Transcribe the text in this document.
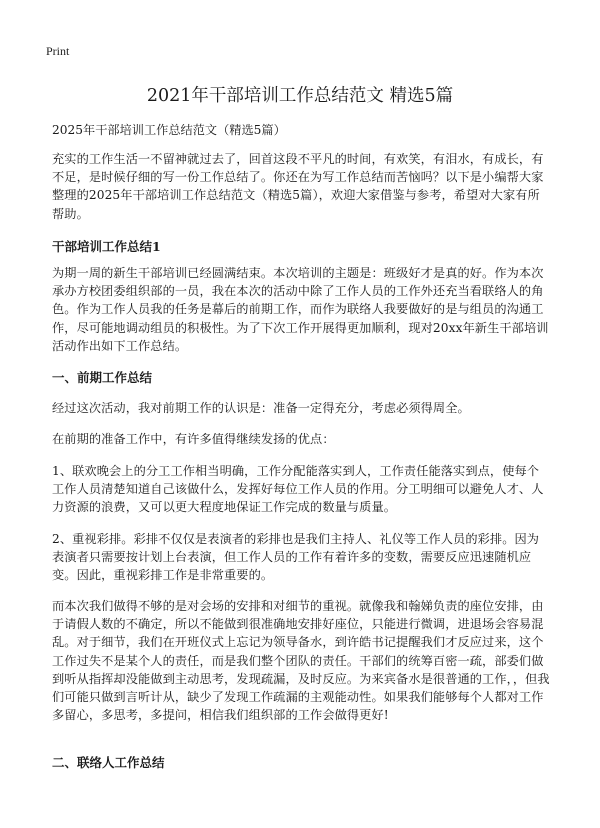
Print
2021年干部培训工作总结范文 精选5篇

2025年干部培训工作总结范文（精选5篇）

充实的工作生活一不留神就过去了，回首这段不平凡的时间，有欢笑，有泪水，有成长，有不足，是时候仔细的写一份工作总结了。你还在为写工作总结而苦恼吗？以下是小编帮大家整理的2025年干部培训工作总结范文（精选5篇），欢迎大家借鉴与参考，希望对大家有所帮助。

干部培训工作总结1

为期一周的新生干部培训已经圆满结束。本次培训的主题是：班级好才是真的好。作为本次承办方校团委组织部的一员，我在本次的活动中除了工作人员的工作外还充当看联络人的角色。作为工作人员我的任务是幕后的前期工作，而作为联络人我要做好的是与组员的沟通工作，尽可能地调动组员的积极性。为了下次工作开展得更加顺利，现对20xx年新生干部培训活动作出如下工作总结。

一、前期工作总结

经过这次活动，我对前期工作的认识是：准备一定得充分，考虑必须得周全。

在前期的准备工作中，有许多值得继续发扬的优点：

1、联欢晚会上的分工工作相当明确，工作分配能落实到人，工作责任能落实到点，使每个工作人员清楚知道自己该做什么，发挥好每位工作人员的作用。分工明细可以避免人才、人力资源的浪费，又可以更大程度地保证工作完成的数量与质量。

2、重视彩排。彩排不仅仅是表演者的彩排也是我们主持人、礼仪等工作人员的彩排。因为表演者只需要按计划上台表演，但工作人员的工作有着许多的变数，需要反应迅速随机应变。因此，重视彩排工作是非常重要的。

而本次我们做得不够的是对会场的安排和对细节的重视。就像我和翰娣负责的座位安排，由于请假人数的不确定，所以不能做到很准确地安排好座位，只能进行微调，进退场会容易混乱。对于细节，我们在开班仪式上忘记为领导备水，到许皓书记提醒我们才反应过来，这个工作过失不是某个人的责任，而是我们整个团队的责任。干部们的统筹百密一疏，部委们做到听从指挥却没能做到主动思考，发现疏漏，及时反应。为来宾备水是很普通的工作，，但我们可能只做到言听计从，缺少了发现工作疏漏的主观能动性。如果我们能够每个人都对工作多留心，多思考，多提问，相信我们组织部的工作会做得更好!

二、联络人工作总结
